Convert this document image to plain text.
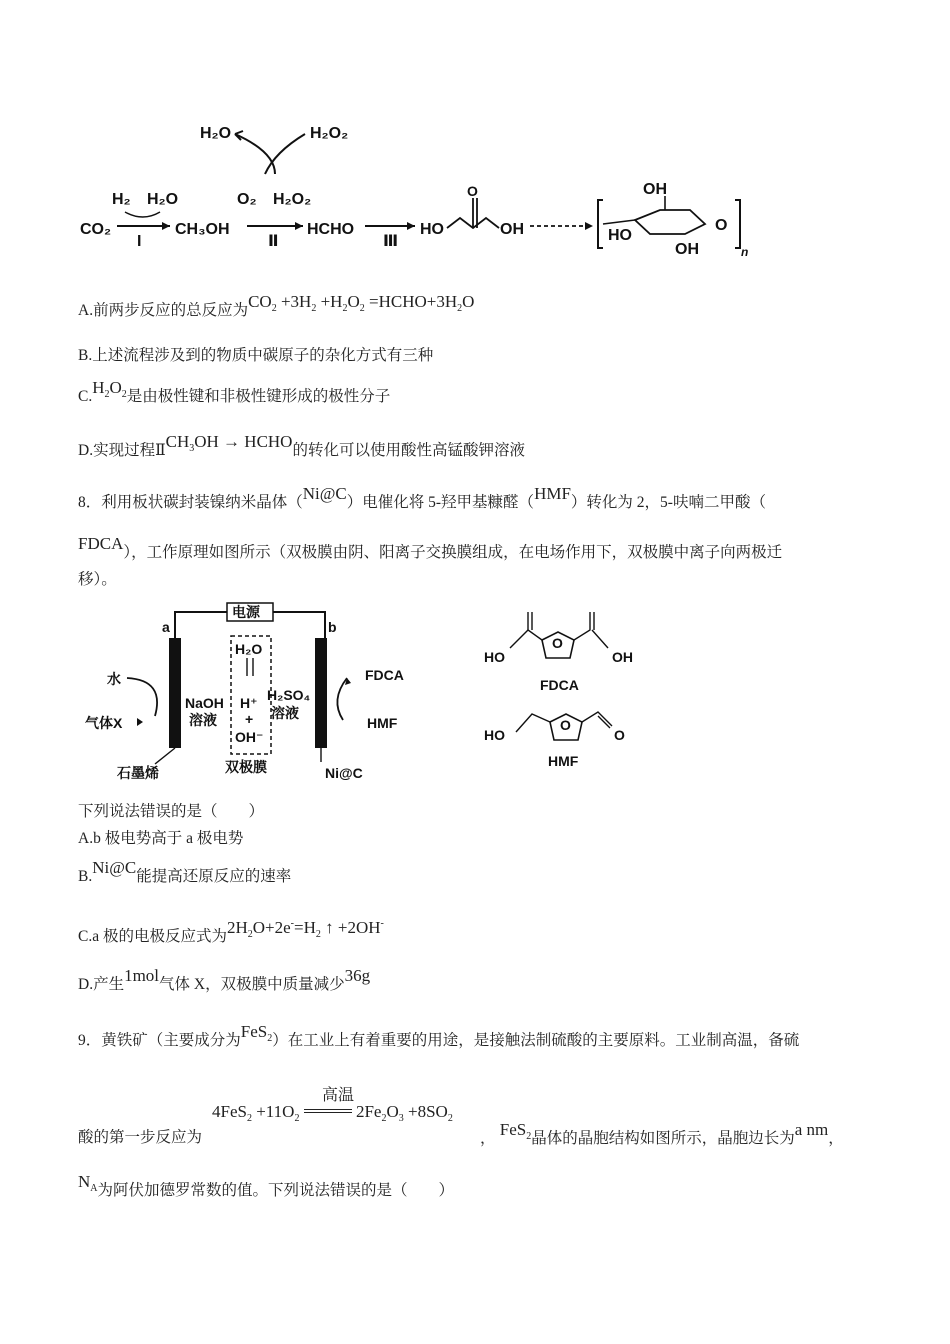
H₂O	H₂O₂
CO₂
H₂ H₂O
I
CH₃OH
O₂ H₂O₂
Ⅱ
HCHO
Ⅲ
HO
O
OH
OH
HO
OH
O
n
A.前两步反应的总反应为$CO_2 +3H_2 +H_2O_2$ $=HCHO+3H_2O$
B.上述流程涉及到的物质中碳原子的杂化方式有三种
$C.H_2O_2$是由极性键和非极性键形成的极性分子
D.实现过程$ⅡCH_3OH$ → HCHO的转化可以使用酸性高锰酸钾溶液
8．利用板状碳封装镍纳米晶体（Ni@C）电催化将 5-羟甲基糠醛（HMF）转化为 2，5-呋喃二甲酸（
FDCA），工作原理如图所示（双极膜由阴、阳离子交换膜组成，在电场作用下，双极膜中离子向两极迁
移）。
电源
a	b
水
气体X
NaOH
溶液
H₂O
H⁺
+
OH⁻
H₂SO₄
溶液
FDCA
HMF
石墨烯	双极膜	Ni@C
O
HO	OH
FDCA
O
HO	O
HMF
下列说法错误的是（　　）
A.b 极电势高于 a 极电势
B.Ni@C能提高还原反应的速率
C.a 极的电极反应式为$2H_2O+2e^-=H_2$ ↑ +2OH-
D.产生1mol气体 X，双极膜中质量减少36g
9．黄铁矿（主要成分为FeS$_2$）在工业上有着重要的用途，是接触法制硫酸的主要原料。工业制高温，备硫
高温
$4FeS_2 +11O_2$	$2Fe_2O_3 +8SO_2$
酸的第一步反应为	， FeS$_2$晶体的晶胞结构如图所示，晶胞边长为a nm，
$N_A$为阿伏加德罗常数的值。下列说法错误的是（　　）
